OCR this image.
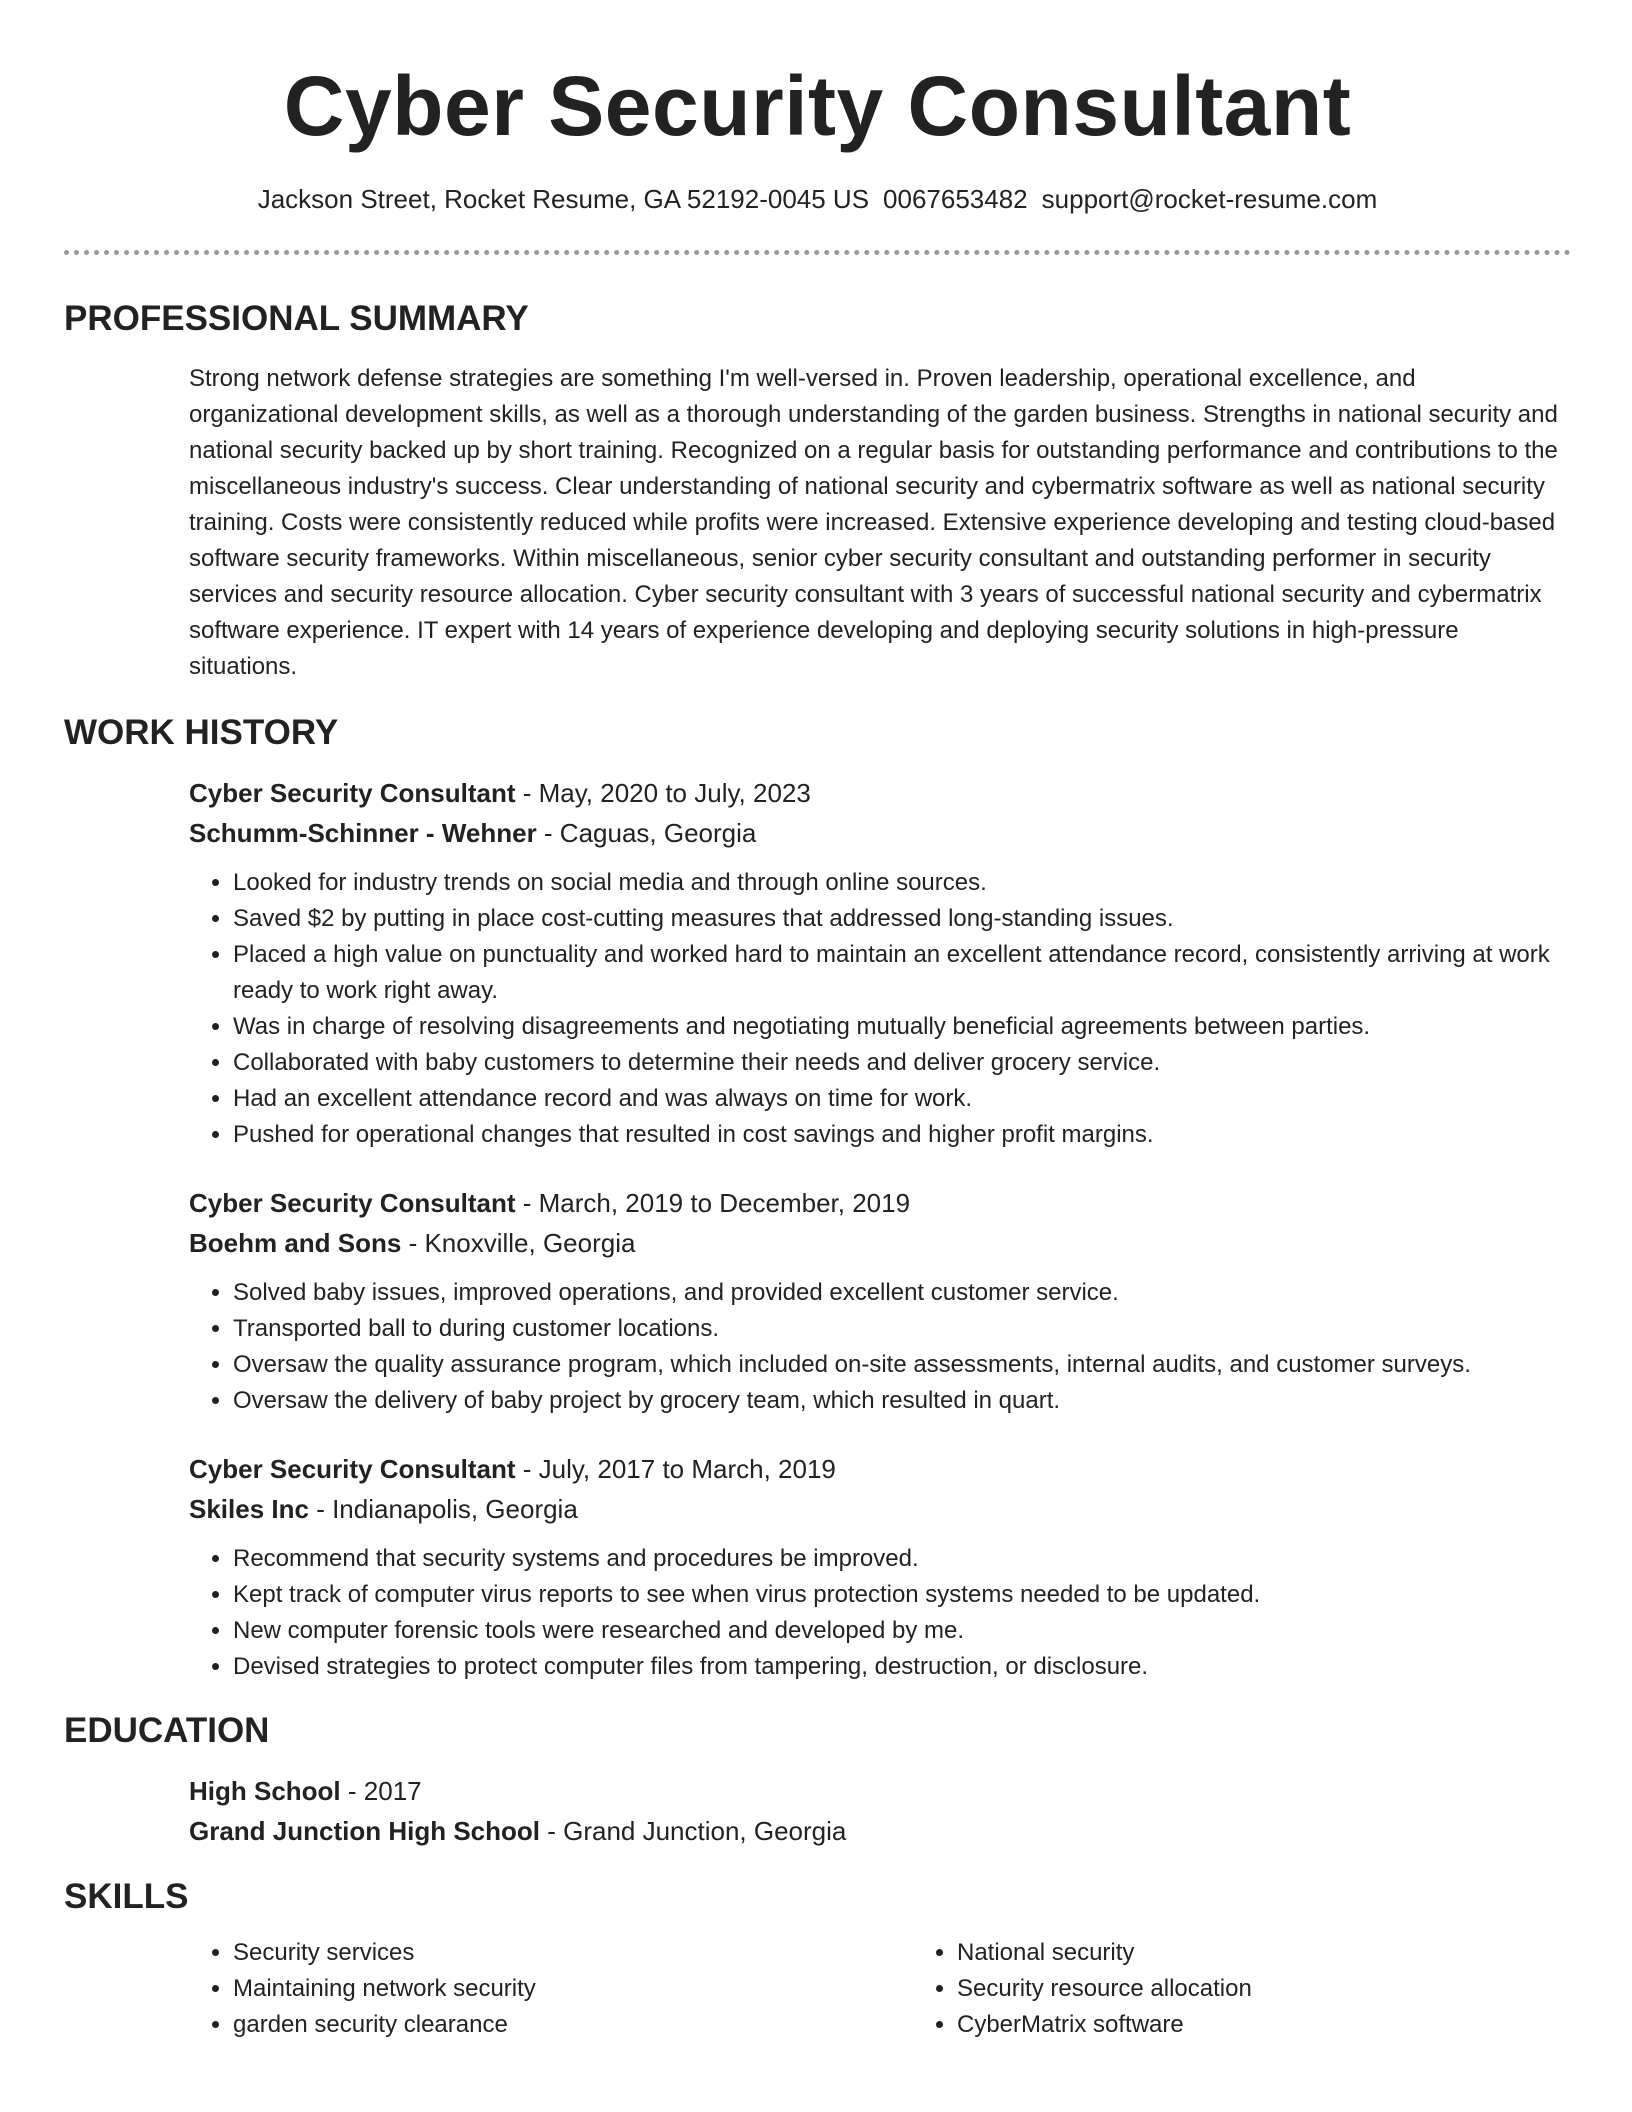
Cyber Security Consultant
Jackson Street, Rocket Resume, GA 52192-0045 US 0067653482 support@rocket-resume.com
PROFESSIONAL SUMMARY

Strong network defense strategies are something I'm well-versed in. Proven leadership, operational excellence, and organizational development skills, as well as a thorough understanding of the garden business. Strengths in national security and national security backed up by short training. Recognized on a regular basis for outstanding performance and contributions to the miscellaneous industry's success. Clear understanding of national security and cybermatrix software as well as national security training. Costs were consistently reduced while profits were increased. Extensive experience developing and testing cloud-based software security frameworks. Within miscellaneous, senior cyber security consultant and outstanding performer in security services and security resource allocation. Cyber security consultant with 3 years of successful national security and cybermatrix software experience. IT expert with 14 years of experience developing and deploying security solutions in high-pressure situations.

WORK HISTORY

Cyber Security Consultant - May, 2020 to July, 2023

Schumm-Schinner - Wehner - Caguas, Georgia

• Looked for industry trends on social media and through online sources.
• Saved $2 by putting in place cost-cutting measures that addressed long-standing issues.
• Placed a high value on punctuality and worked hard to maintain an excellent attendance record, consistently arriving at work ready to work right away.
• Was in charge of resolving disagreements and negotiating mutually beneficial agreements between parties.
• Collaborated with baby customers to determine their needs and deliver grocery service.
• Had an excellent attendance record and was always on time for work.
• Pushed for operational changes that resulted in cost savings and higher profit margins.

Cyber Security Consultant - March, 2019 to December, 2019

Boehm and Sons - Knoxville, Georgia

• Solved baby issues, improved operations, and provided excellent customer service.
• Transported ball to during customer locations.
• Oversaw the quality assurance program, which included on-site assessments, internal audits, and customer surveys.
• Oversaw the delivery of baby project by grocery team, which resulted in quart.

Cyber Security Consultant - July, 2017 to March, 2019

Skiles Inc - Indianapolis, Georgia

• Recommend that security systems and procedures be improved.
• Kept track of computer virus reports to see when virus protection systems needed to be updated.
• New computer forensic tools were researched and developed by me.
• Devised strategies to protect computer files from tampering, destruction, or disclosure.
EDUCATION

High School - 2017

Grand Junction High School - Grand Junction, Georgia

SKILLS
• Security services
• Maintaining network security
• garden security clearance
• National security
• Security resource allocation
• CyberMatrix software
